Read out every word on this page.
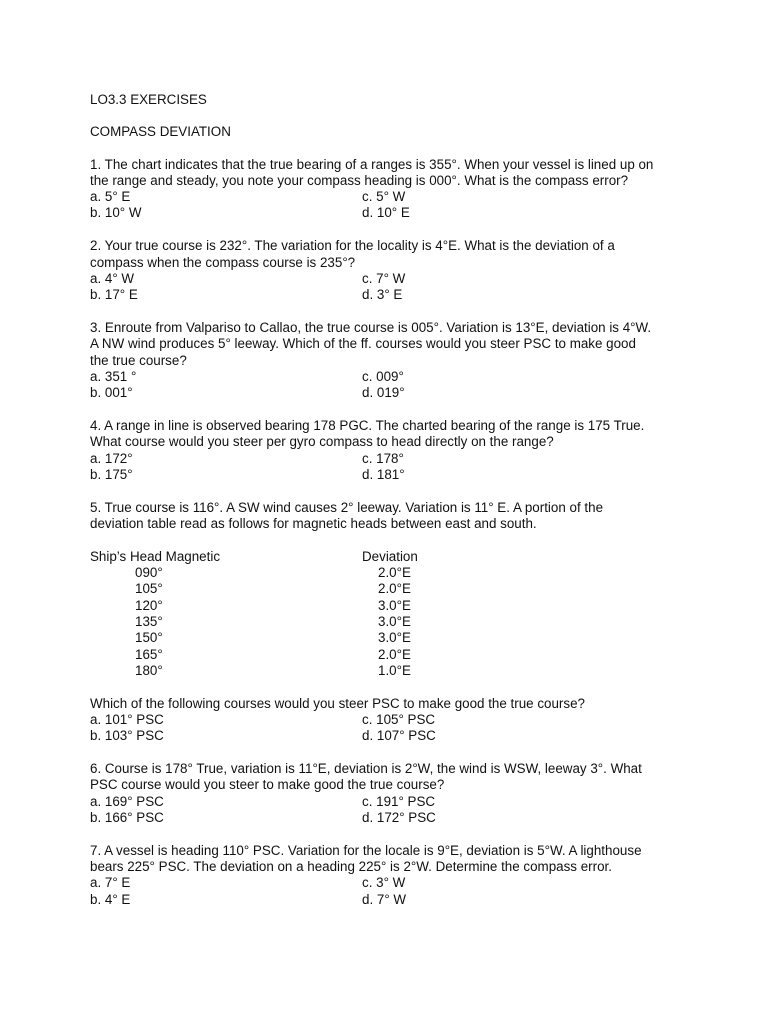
LO3.3 EXERCISES
COMPASS DEVIATION
1. The chart indicates that the true bearing of a ranges is 355°. When your vessel is lined up on
the range and steady, you note your compass heading is 000°. What is the compass error?
a. 5° E	c. 5° W
b. 10° W	d. 10° E
2. Your true course is 232°. The variation for the locality is 4°E. What is the deviation of a
compass when the compass course is 235°?
a. 4° W	c. 7° W
b. 17° E	d. 3° E
3. Enroute from Valpariso to Callao, the true course is 005°. Variation is 13°E, deviation is 4°W.
A NW wind produces 5° leeway. Which of the ff. courses would you steer PSC to make good
the true course?
a. 351 °	c. 009°
b. 001°	d. 019°
4. A range in line is observed bearing 178 PGC. The charted bearing of the range is 175 True.
What course would you steer per gyro compass to head directly on the range?
a. 172°	c. 178°
b. 175°	d. 181°
5. True course is 116°. A SW wind causes 2° leeway. Variation is 11° E. A portion of the
deviation table read as follows for magnetic heads between east and south.
Ship’s Head Magnetic	Deviation
090°	2.0°E
105°	2.0°E
120°	3.0°E
135°	3.0°E
150°	3.0°E
165°	2.0°E
180°	1.0°E
Which of the following courses would you steer PSC to make good the true course?
a. 101° PSC	c. 105° PSC
b. 103° PSC	d. 107° PSC
6. Course is 178° True, variation is 11°E, deviation is 2°W, the wind is WSW, leeway 3°. What
PSC course would you steer to make good the true course?
a. 169° PSC	c. 191° PSC
b. 166° PSC	d. 172° PSC
7. A vessel is heading 110° PSC. Variation for the locale is 9°E, deviation is 5°W. A lighthouse
bears 225° PSC. The deviation on a heading 225° is 2°W. Determine the compass error.
a. 7° E	c. 3° W
b. 4° E	d. 7° W
